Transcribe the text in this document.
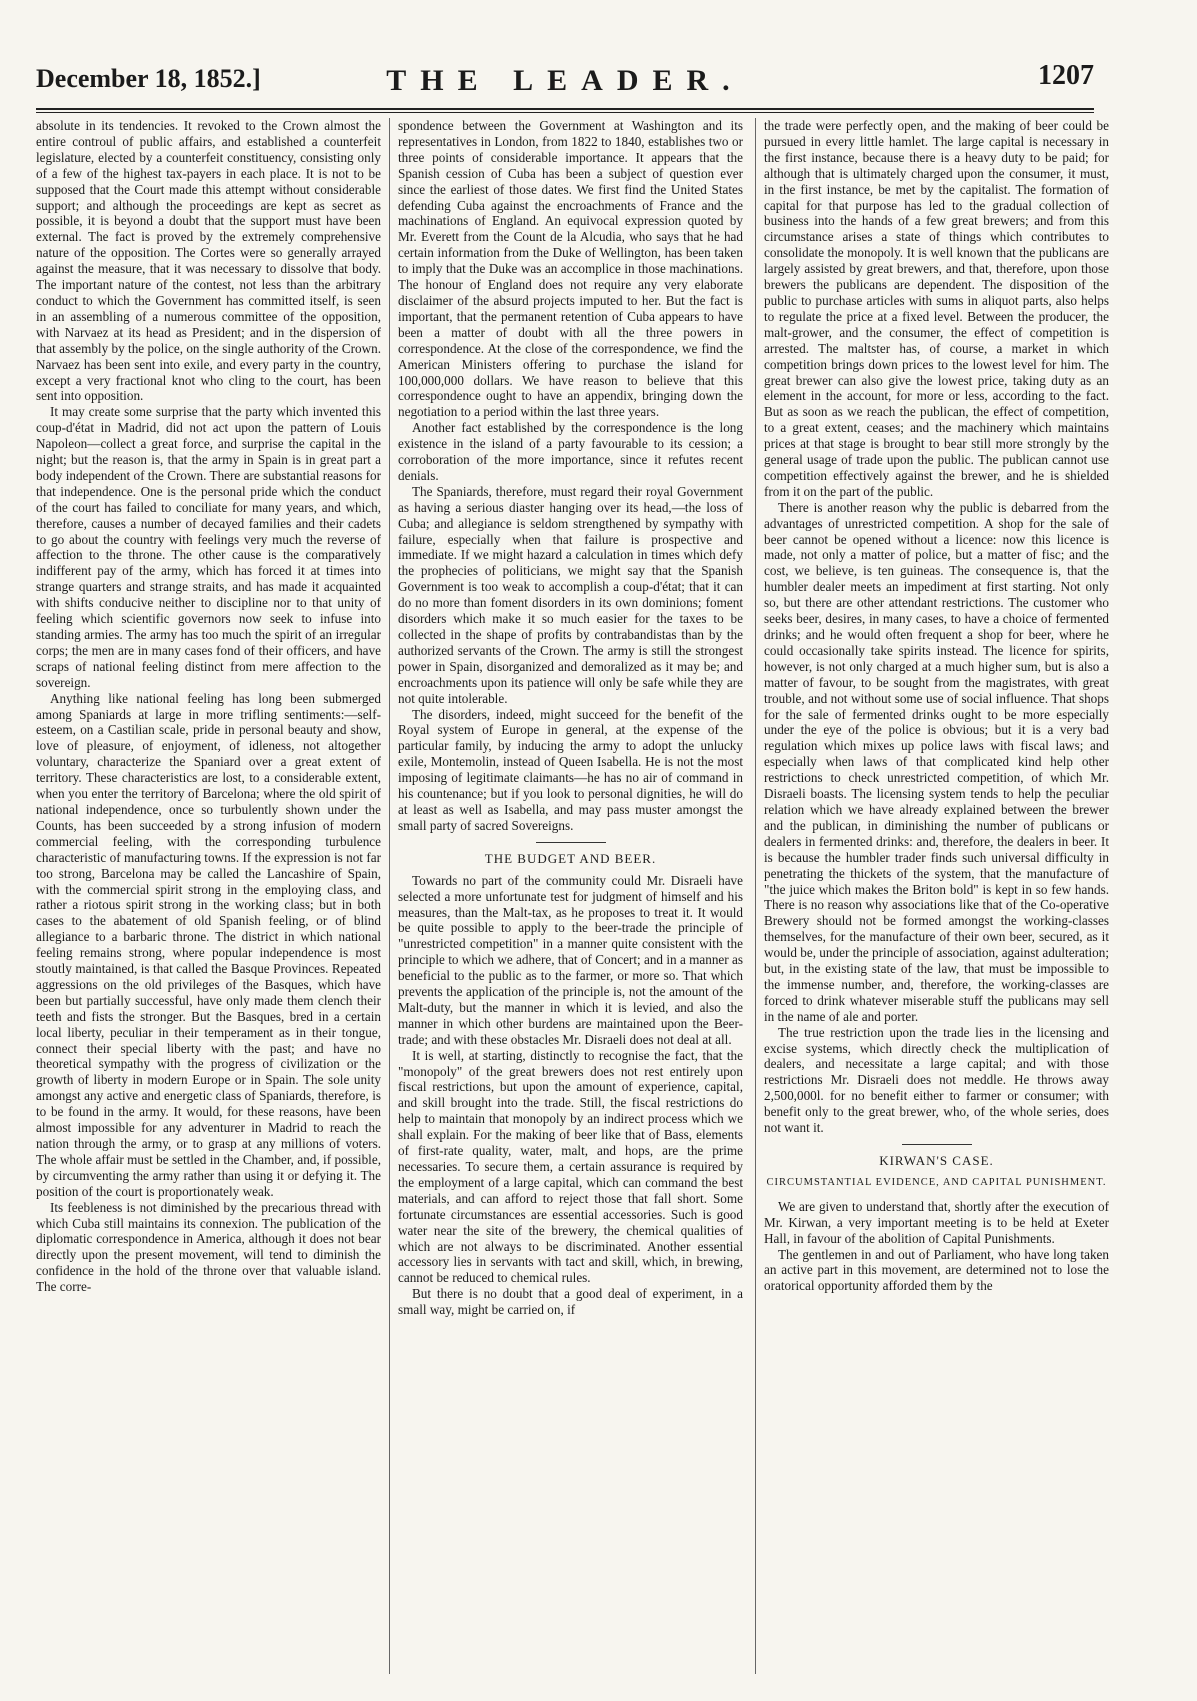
December 18, 1852.]	THE LEADER.	1207

absolute in its tendencies. It revoked to the Crown almost the entire controul of public affairs, and established a counterfeit legislature, elected by a counterfeit constituency, consisting only of a few of the highest tax-payers in each place. It is not to be supposed that the Court made this attempt without considerable support; and although the proceedings are kept as secret as possible, it is beyond a doubt that the support must have been external. The fact is proved by the extremely comprehensive nature of the opposition. The Cortes were so generally arrayed against the measure, that it was necessary to dissolve that body. The important nature of the contest, not less than the arbitrary conduct to which the Government has committed itself, is seen in an assembling of a numerous committee of the opposition, with Narvaez at its head as President; and in the dispersion of that assembly by the police, on the single authority of the Crown. Narvaez has been sent into exile, and every party in the country, except a very fractional knot who cling to the court, has been sent into opposition.

It may create some surprise that the party which invented this coup-d'état in Madrid, did not act upon the pattern of Louis Napoleon—collect a great force, and surprise the capital in the night; but the reason is, that the army in Spain is in great part a body independent of the Crown. There are substantial reasons for that independence. One is the personal pride which the conduct of the court has failed to conciliate for many years, and which, therefore, causes a number of decayed families and their cadets to go about the country with feelings very much the reverse of affection to the throne. The other cause is the comparatively indifferent pay of the army, which has forced it at times into strange quarters and strange straits, and has made it acquainted with shifts conducive neither to discipline nor to that unity of feeling which scientific governors now seek to infuse into standing armies. The army has too much the spirit of an irregular corps; the men are in many cases fond of their officers, and have scraps of national feeling distinct from mere affection to the sovereign.

Anything like national feeling has long been submerged among Spaniards at large in more trifling sentiments:—self-esteem, on a Castilian scale, pride in personal beauty and show, love of pleasure, of enjoyment, of idleness, not altogether voluntary, characterize the Spaniard over a great extent of territory. These characteristics are lost, to a considerable extent, when you enter the territory of Barcelona; where the old spirit of national independence, once so turbulently shown under the Counts, has been succeeded by a strong infusion of modern commercial feeling, with the corresponding turbulence characteristic of manufacturing towns. If the expression is not far too strong, Barcelona may be called the Lancashire of Spain, with the commercial spirit strong in the employing class, and rather a riotous spirit strong in the working class; but in both cases to the abatement of old Spanish feeling, or of blind allegiance to a barbaric throne. The district in which national feeling remains strong, where popular independence is most stoutly maintained, is that called the Basque Provinces. Repeated aggressions on the old privileges of the Basques, which have been but partially successful, have only made them clench their teeth and fists the stronger. But the Basques, bred in a certain local liberty, peculiar in their temperament as in their tongue, connect their special liberty with the past; and have no theoretical sympathy with the progress of civilization or the growth of liberty in modern Europe or in Spain. The sole unity amongst any active and energetic class of Spaniards, therefore, is to be found in the army. It would, for these reasons, have been almost impossible for any adventurer in Madrid to reach the nation through the army, or to grasp at any millions of voters. The whole affair must be settled in the Chamber, and, if possible, by circumventing the army rather than using it or defying it. The position of the court is proportionately weak.

Its feebleness is not diminished by the precarious thread with which Cuba still maintains its connexion. The publication of the diplomatic correspondence in America, although it does not bear directly upon the present movement, will tend to diminish the confidence in the hold of the throne over that valuable island. The corre-

spondence between the Government at Washington and its representatives in London, from 1822 to 1840, establishes two or three points of considerable importance. It appears that the Spanish cession of Cuba has been a subject of question ever since the earliest of those dates. We first find the United States defending Cuba against the encroachments of France and the machinations of England. An equivocal expression quoted by Mr. Everett from the Count de la Alcudia, who says that he had certain information from the Duke of Wellington, has been taken to imply that the Duke was an accomplice in those machinations. The honour of England does not require any very elaborate disclaimer of the absurd projects imputed to her. But the fact is important, that the permanent retention of Cuba appears to have been a matter of doubt with all the three powers in correspondence. At the close of the correspondence, we find the American Ministers offering to purchase the island for 100,000,000 dollars. We have reason to believe that this correspondence ought to have an appendix, bringing down the negotiation to a period within the last three years.

Another fact established by the correspondence is the long existence in the island of a party favourable to its cession; a corroboration of the more importance, since it refutes recent denials.

The Spaniards, therefore, must regard their royal Government as having a serious diaster hanging over its head,—the loss of Cuba; and allegiance is seldom strengthened by sympathy with failure, especially when that failure is prospective and immediate. If we might hazard a calculation in times which defy the prophecies of politicians, we might say that the Spanish Government is too weak to accomplish a coup-d'état; that it can do no more than foment disorders in its own dominions; foment disorders which make it so much easier for the taxes to be collected in the shape of profits by contrabandistas than by the authorized servants of the Crown. The army is still the strongest power in Spain, disorganized and demoralized as it may be; and encroachments upon its patience will only be safe while they are not quite intolerable.

The disorders, indeed, might succeed for the benefit of the Royal system of Europe in general, at the expense of the particular family, by inducing the army to adopt the unlucky exile, Montemolin, instead of Queen Isabella. He is not the most imposing of legitimate claimants—he has no air of command in his countenance; but if you look to personal dignities, he will do at least as well as Isabella, and may pass muster amongst the small party of sacred Sovereigns.

THE BUDGET AND BEER.

Towards no part of the community could Mr. Disraeli have selected a more unfortunate test for judgment of himself and his measures, than the Malt-tax, as he proposes to treat it. It would be quite possible to apply to the beer-trade the principle of "unrestricted competition" in a manner quite consistent with the principle to which we adhere, that of Concert; and in a manner as beneficial to the public as to the farmer, or more so. That which prevents the application of the principle is, not the amount of the Malt-duty, but the manner in which it is levied, and also the manner in which other burdens are maintained upon the Beer-trade; and with these obstacles Mr. Disraeli does not deal at all.

It is well, at starting, distinctly to recognise the fact, that the "monopoly" of the great brewers does not rest entirely upon fiscal restrictions, but upon the amount of experience, capital, and skill brought into the trade. Still, the fiscal restrictions do help to maintain that monopoly by an indirect process which we shall explain. For the making of beer like that of Bass, elements of first-rate quality, water, malt, and hops, are the prime necessaries. To secure them, a certain assurance is required by the employment of a large capital, which can command the best materials, and can afford to reject those that fall short. Some fortunate circumstances are essential accessories. Such is good water near the site of the brewery, the chemical qualities of which are not always to be discriminated. Another essential accessory lies in servants with tact and skill, which, in brewing, cannot be reduced to chemical rules.

But there is no doubt that a good deal of experiment, in a small way, might be carried on, if

the trade were perfectly open, and the making of beer could be pursued in every little hamlet. The large capital is necessary in the first instance, because there is a heavy duty to be paid; for although that is ultimately charged upon the consumer, it must, in the first instance, be met by the capitalist. The formation of capital for that purpose has led to the gradual collection of business into the hands of a few great brewers; and from this circumstance arises a state of things which contributes to consolidate the monopoly. It is well known that the publicans are largely assisted by great brewers, and that, therefore, upon those brewers the publicans are dependent. The disposition of the public to purchase articles with sums in aliquot parts, also helps to regulate the price at a fixed level. Between the producer, the malt-grower, and the consumer, the effect of competition is arrested. The maltster has, of course, a market in which competition brings down prices to the lowest level for him. The great brewer can also give the lowest price, taking duty as an element in the account, for more or less, according to the fact. But as soon as we reach the publican, the effect of competition, to a great extent, ceases; and the machinery which maintains prices at that stage is brought to bear still more strongly by the general usage of trade upon the public. The publican cannot use competition effectively against the brewer, and he is shielded from it on the part of the public.

There is another reason why the public is debarred from the advantages of unrestricted competition. A shop for the sale of beer cannot be opened without a licence: now this licence is made, not only a matter of police, but a matter of fisc; and the cost, we believe, is ten guineas. The consequence is, that the humbler dealer meets an impediment at first starting. Not only so, but there are other attendant restrictions. The customer who seeks beer, desires, in many cases, to have a choice of fermented drinks; and he would often frequent a shop for beer, where he could occasionally take spirits instead. The licence for spirits, however, is not only charged at a much higher sum, but is also a matter of favour, to be sought from the magistrates, with great trouble, and not without some use of social influence. That shops for the sale of fermented drinks ought to be more especially under the eye of the police is obvious; but it is a very bad regulation which mixes up police laws with fiscal laws; and especially when laws of that complicated kind help other restrictions to check unrestricted competition, of which Mr. Disraeli boasts. The licensing system tends to help the peculiar relation which we have already explained between the brewer and the publican, in diminishing the number of publicans or dealers in fermented drinks: and, therefore, the dealers in beer. It is because the humbler trader finds such universal difficulty in penetrating the thickets of the system, that the manufacture of "the juice which makes the Briton bold" is kept in so few hands. There is no reason why associations like that of the Co-operative Brewery should not be formed amongst the working-classes themselves, for the manufacture of their own beer, secured, as it would be, under the principle of association, against adulteration; but, in the existing state of the law, that must be impossible to the immense number, and, therefore, the working-classes are forced to drink whatever miserable stuff the publicans may sell in the name of ale and porter.

The true restriction upon the trade lies in the licensing and excise systems, which directly check the multiplication of dealers, and necessitate a large capital; and with those restrictions Mr. Disraeli does not meddle. He throws away 2,500,000l. for no benefit either to farmer or consumer; with benefit only to the great brewer, who, of the whole series, does not want it.

KIRWAN'S CASE.
CIRCUMSTANTIAL EVIDENCE, AND CAPITAL PUNISHMENT.

We are given to understand that, shortly after the execution of Mr. Kirwan, a very important meeting is to be held at Exeter Hall, in favour of the abolition of Capital Punishments.

The gentlemen in and out of Parliament, who have long taken an active part in this movement, are determined not to lose the oratorical opportunity afforded them by the
